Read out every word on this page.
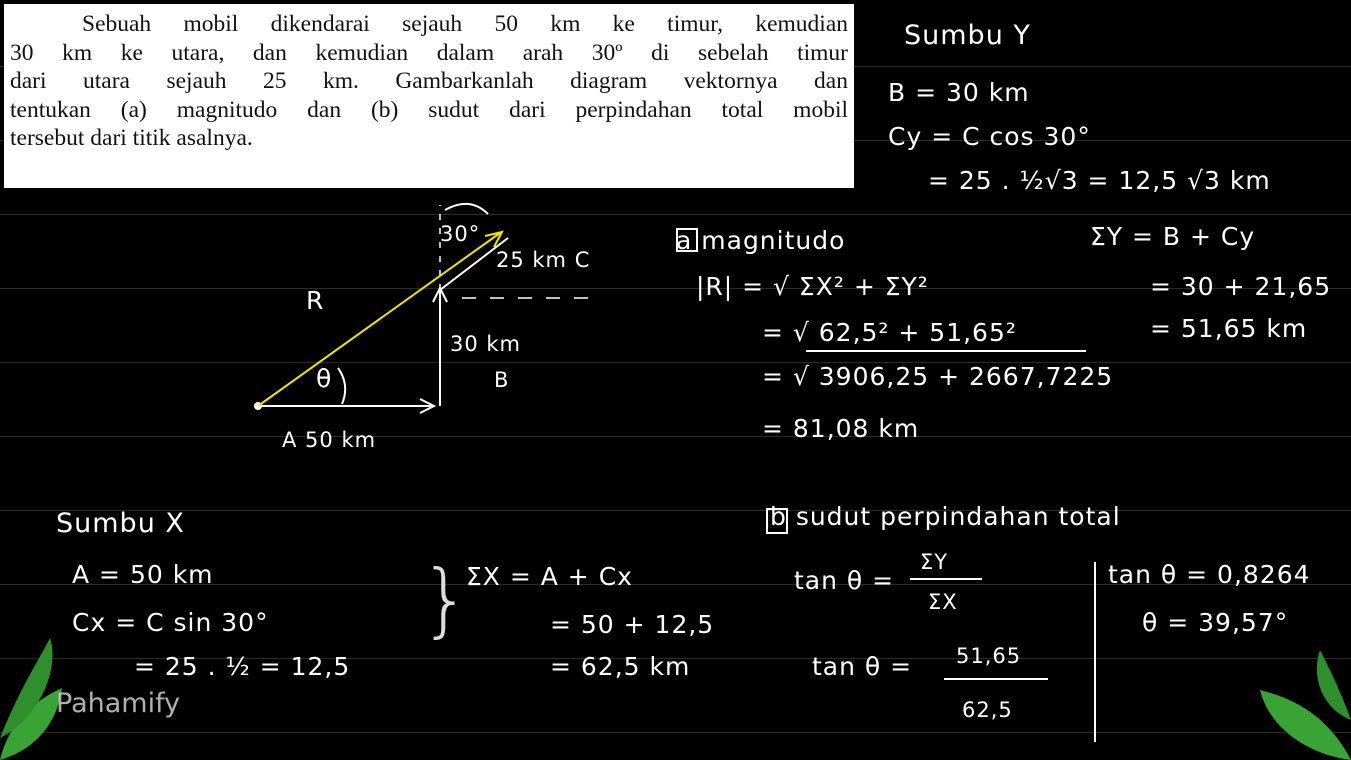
Sebuah mobil dikendarai sejauh 50 km ke timur, kemudian
30 km ke utara, dan kemudian dalam arah 30º di sebelah timur
dari utara sejauh 25 km. Gambarkanlah diagram vektornya dan
tentukan (a) magnitudo dan (b) sudut dari perpindahan total mobil
tersebut dari titik asalnya.
30°
25 km C
R
θ
30 km
B
A 50 km
Sumbu Y
B = 30 km
Cy = C cos 30°
= 25 . ½√3 = 12,5 √3 km
ΣY = B + Cy
= 30 + 21,65
= 51,65 km
a magnitudo
|R| = √ ΣX² + ΣY²
= √ 62,5² + 51,65²
= √ 3906,25 + 2667,7225
= 81,08 km
Sumbu X
A = 50 km
Cx = C sin 30°
= 25 . ½ = 12,5
}
ΣX = A + Cx
= 50 + 12,5
= 62,5 km
b sudut perpindahan total
tan θ =
ΣY
ΣX
tan θ = 51,65
62,5
tan θ = 0,8264
θ = 39,57°
Pahamify
